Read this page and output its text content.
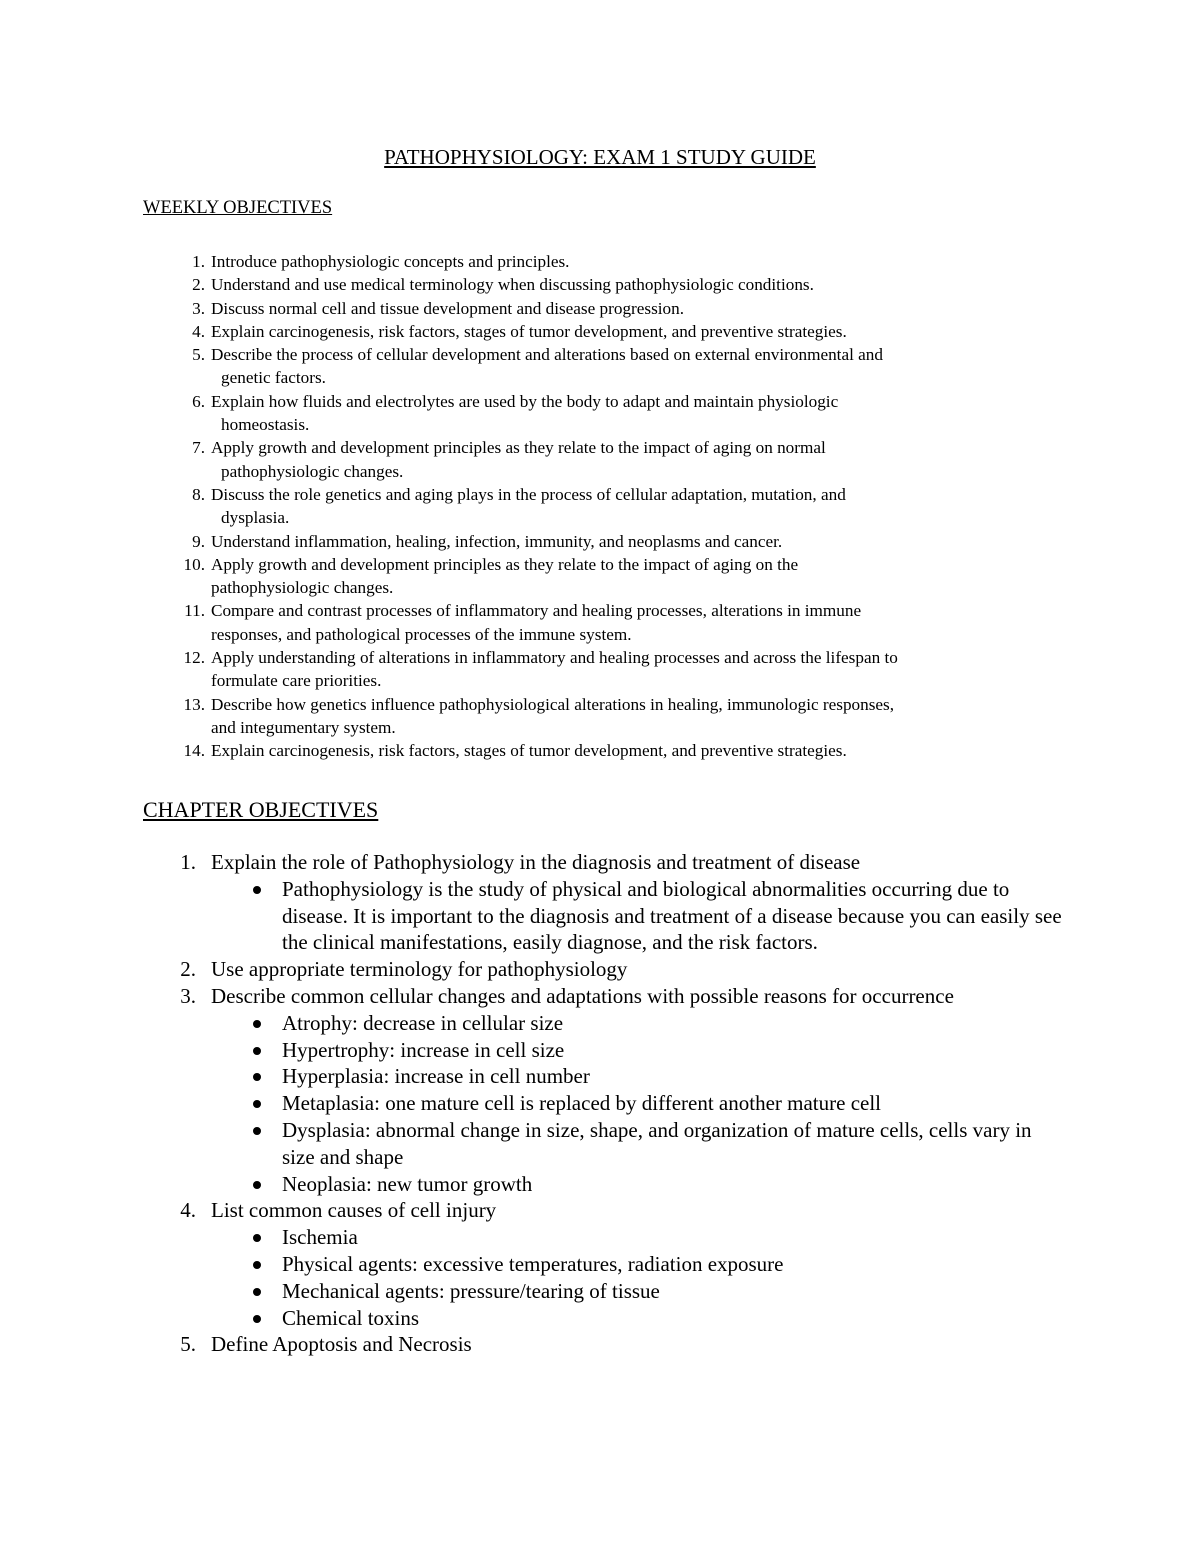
PATHOPHYSIOLOGY: EXAM 1 STUDY GUIDE
WEEKLY OBJECTIVES
1. Introduce pathophysiologic concepts and principles.
2. Understand and use medical terminology when discussing pathophysiologic conditions.
3. Discuss normal cell and tissue development and disease progression.
4. Explain carcinogenesis, risk factors, stages of tumor development, and preventive strategies.
5. Describe the process of cellular development and alterations based on external environmental and
genetic factors.
6. Explain how fluids and electrolytes are used by the body to adapt and maintain physiologic
homeostasis.
7. Apply growth and development principles as they relate to the impact of aging on normal
pathophysiologic changes.
8. Discuss the role genetics and aging plays in the process of cellular adaptation, mutation, and
dysplasia.
9. Understand inflammation, healing, infection, immunity, and neoplasms and cancer.
10. Apply growth and development principles as they relate to the impact of aging on the
pathophysiologic changes.
11. Compare and contrast processes of inflammatory and healing processes, alterations in immune
responses, and pathological processes of the immune system.
12. Apply understanding of alterations in inflammatory and healing processes and across the lifespan to
formulate care priorities.
13. Describe how genetics influence pathophysiological alterations in healing, immunologic responses,
and integumentary system.
14. Explain carcinogenesis, risk factors, stages of tumor development, and preventive strategies.
CHAPTER OBJECTIVES
1. Explain the role of Pathophysiology in the diagnosis and treatment of disease
Pathophysiology is the study of physical and biological abnormalities occurring due to disease. It is important to the diagnosis and treatment of a disease because you can easily see the clinical manifestations, easily diagnose, and the risk factors.
2. Use appropriate terminology for pathophysiology
3. Describe common cellular changes and adaptations with possible reasons for occurrence
Atrophy: decrease in cellular size
Hypertrophy: increase in cell size
Hyperplasia: increase in cell number
Metaplasia: one mature cell is replaced by different another mature cell
Dysplasia: abnormal change in size, shape, and organization of mature cells, cells vary in size and shape
Neoplasia: new tumor growth
4. List common causes of cell injury
Ischemia
Physical agents: excessive temperatures, radiation exposure
Mechanical agents: pressure/tearing of tissue
Chemical toxins
5. Define Apoptosis and Necrosis
